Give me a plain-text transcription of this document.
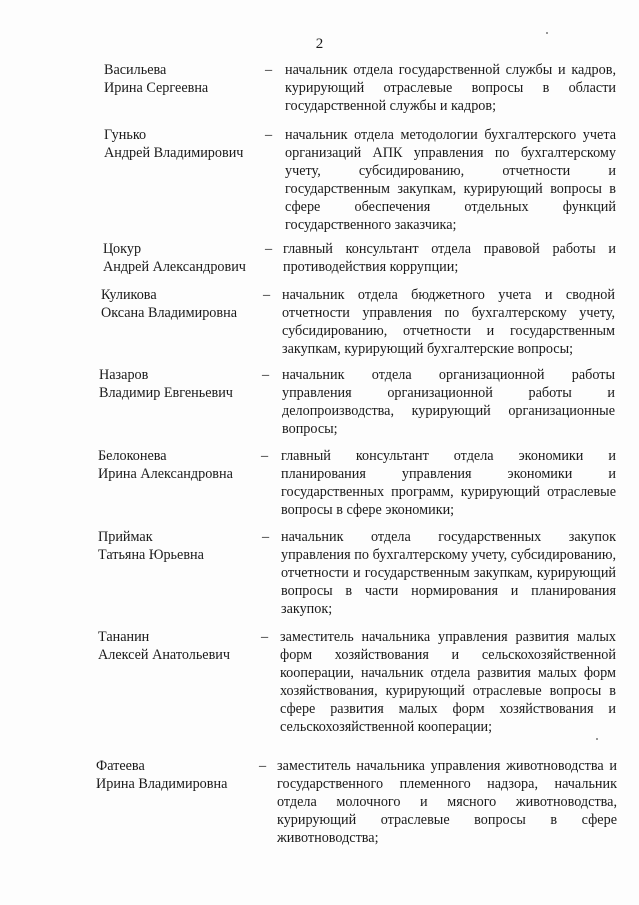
2
Васильева
Ирина Сергеевна
– начальник отдела государственной службы и кадров, курирующий отраслевые вопросы в области государственной службы и кадров;
Гунько
Андрей Владимирович
– начальник отдела методологии бухгалтерского учета организаций АПК управления по бухгалтерскому учету, субсидированию, отчетности и государственным закупкам, курирующий вопросы в сфере обеспечения отдельных функций государственного заказчика;
Цокур
Андрей Александрович
– главный консультант отдела правовой работы и противодействия коррупции;
Куликова
Оксана Владимировна
– начальник отдела бюджетного учета и сводной отчетности управления по бухгалтерскому учету, субсидированию, отчетности и государственным закупкам, курирующий бухгалтерские вопросы;
Назаров
Владимир Евгеньевич
– начальник отдела организационной работы управления организационной работы и делопроизводства, курирующий организационные вопросы;
Белоконева
Ирина Александровна
– главный консультант отдела экономики и планирования управления экономики и государственных программ, курирующий отраслевые вопросы в сфере экономики;
Приймак
Татьяна Юрьевна
– начальник отдела государственных закупок управления по бухгалтерскому учету, субсидированию, отчетности и государственным закупкам, курирующий вопросы в части нормирования и планирования закупок;
Тананин
Алексей Анатольевич
– заместитель начальника управления развития малых форм хозяйствования и сельскохозяйственной кооперации, начальник отдела развития малых форм хозяйствования, курирующий отраслевые вопросы в сфере развития малых форм хозяйствования и сельскохозяйственной кооперации;
Фатеева
Ирина Владимировна
– заместитель начальника управления животноводства и государственного племенного надзора, начальник отдела молочного и мясного животноводства, курирующий отраслевые вопросы в сфере животноводства;
